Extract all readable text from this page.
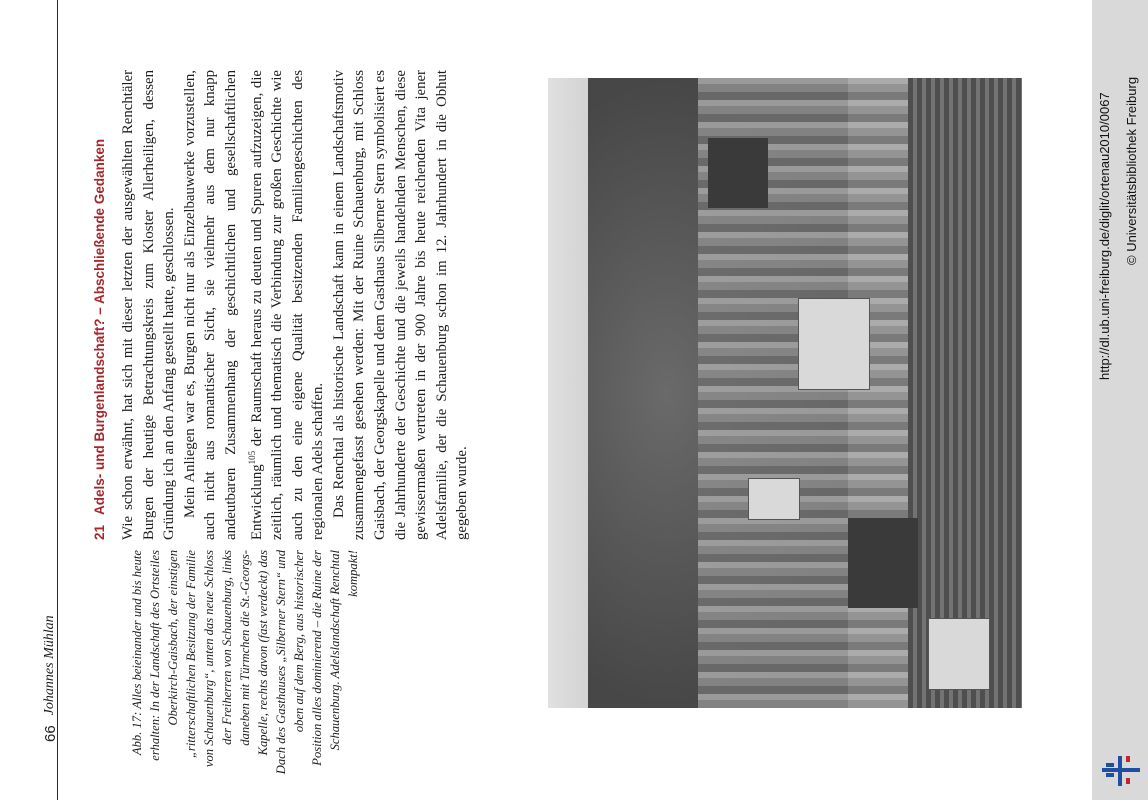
66
Johannes Mühlan
21
Adels- und Burgenlandschaft? – Abschließende Gedanken Wie schon erwähnt, hat sich mit dieser letzten der ausgewählten Renchtäler Burgen der heutige Betrachtungskreis zum Kloster Allerheiligen, dessen Gründung ich an den Anfang gestellt hatte, geschlossen. Mein Anliegen war es, Burgen nicht nur als Einzelbauwerke vorzustellen, auch nicht aus romantischer Sicht, sie vielmehr aus dem nur knapp andeutbaren Zusammenhang der geschichtlichen und gesellschaftlichen Entwicklung$^{105}$ der Raumschaft heraus zu deuten und Spuren aufzuzeigen, die zeitlich, räumlich und thematisch die Verbindung zur großen Geschichte wie auch zu den eine eigene Qualität besitzenden Familiengeschichten des regionalen Adels schaffen. Das Renchtal als historische Landschaft kann in einem Landschaftsmotiv zusammengefasst gesehen werden: Mit der Ruine Schauenburg, mit Schloss Gaisbach, der Georgskapelle und dem Gasthaus Silberner Stern symbolisiert es die Jahrhunderte der Geschichte und die jeweils handelnden Menschen, diese gewissermaßen vertreten in der 900 Jahre bis heute reichenden Vita jener Adelsfamilie, der die Schauenburg schon im 12. Jahrhundert in die Obhut gegeben wurde.

Abb. 17: Alles beieinander und bis heute erhalten: In der Landschaft des Ortsteiles Oberkirch-Gaisbach, der einstigen „ritterschaftlichen Besitzung der Familie von Schauenburg“, unten das neue Schloss der Freiherren von Schauenburg, links daneben mit Türmchen die St.-Georgs-Kapelle, rechts davon (fast verdeckt) das Dach des Gasthauses „Silberner Stern“ und oben auf dem Berg, aus historischer Position alles dominierend – die Ruine der Schauenburg. Adelslandschaft Renchtal kompakt!
http://dl.ub.uni-freiburg.de/diglit/ortenau2010/0067 © Universitätsbibliothek Freiburg
